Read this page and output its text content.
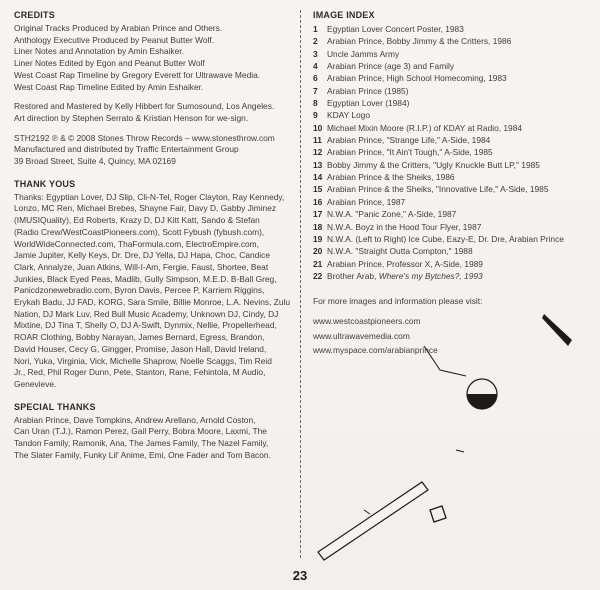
CREDITS

Original Tracks Produced by Arabian Prince and Others.
Anthology Executive Produced by Peanut Butter Wolf.
Liner Notes and Annotation by Amin Eshaiker.
Liner Notes Edited by Egon and Peanut Butter Wolf
West Coast Rap Timeline by Gregory Everett for Ultrawave Media.
West Coast Rap Timeline Edited by Amin Eshaiker.

Restored and Mastered by Kelly Hibbert for Sumosound, Los Angeles.
Art direction by Stephen Serrato & Kristian Henson for we-sign.

STH2192 ℗ & © 2008 Stones Throw Records – www.stonesthrow.com
Manufactured and distributed by Traffic Entertainment Group
39 Broad Street, Suite 4, Quincy, MA 02169

THANK YOUS

Thanks: Egyptian Lover, DJ Slip, Cli-N-Tel, Roger Clayton, Ray Kennedy,
Lonzo, MC Ren, Michael Brebes, Shayne Fair, Davy D, Gabby Jiminez
(IMUSIQuality), Ed Roberts, Krazy D, DJ Kitt Katt, Sando & Stefan
(Radio Crew/WestCoastPioneers.com), Scott Fybush (fybush.com),
WorldWideConnected.com, ThaFormula.com, ElectroEmpire.com,
Jamie Jupiter, Kelly Keys, Dr. Dre, DJ Yella, DJ Hapa, Choc, Candice
Clark, Annalyze, Juan Atkins, Will-I-Am, Fergie, Faust, Shortee, Beat
Junkies, Black Eyed Peas, Madlib, Gully Simpson, M.E.D. B-Ball Greg,
Panicdzonewebradio.com, Byron Davis, Percee P, Karriem Riggins,
Erykah Badu, JJ FAD, KORG, Sara Smile, Billie Monroe, L.A. Nevins, Zulu
Nation, DJ Mark Luv, Red Bull Music Academy, Unknown DJ, Cindy, DJ
Mixtine, DJ Tina T, Shelly O, DJ A-Swift, Dynmix, Nellie, Propellerhead,
ROAR Clothing, Bobby Narayan, James Bernard, Egress, Brandon,
David Houser, Cecy G, Gingger, Promise, Jason Hall, David Ireland,
Nori, Yuka, Virginia, Vick, Michelle Shaprow, Noelle Scaggs, Tim Reid
Jr., Red, Phil Roger Dunn, Pete, Stanton, Rane, Fehintola, M Audio,
Genevieve.

SPECIAL THANKS

Arabian Prince, Dave Tompkins, Andrew Arellano, Arnold Coston,
Can Uran (T.J.), Ramon Perez, Gail Perry, Bobra Moore, Laxmi, The
Tandon Family, Ramonik, Ana, The James Family, The Nazel Family,
The Slater Family, Funky Lil' Anime, Emi, One Fader and Tom Bacon.

IMAGE INDEX
1	Egyptian Lover Concert Poster, 1983
2	Arabian Prince, Bobby Jimmy & the Critters, 1986
3	Uncle Jamms Army
4	Arabian Prince (age 3) and Family
6	Arabian Prince, High School Homecoming, 1983
7	Arabian Prince (1985)
8	Egyptian Lover (1984)
9	KDAY Logo
10 Michael Mixin Moore (R.I.P.) of KDAY at Radio, 1984
11 Arabian Prince, "Strange Life," A-Side, 1984
12 Arabian Prince, "It Ain't Tough," A-Side, 1985
13 Bobby Jimmy & the Critters, "Ugly Knuckle Butt LP," 1985
14 Arabian Prince & the Sheiks, 1986
15 Arabian Prince & the Sheiks, "Innovative Life," A-Side, 1985
16 Arabian Prince, 1987
17 N.W.A. "Panic Zone," A-Side, 1987
18 N.W.A. Boyz in the Hood Tour Flyer, 1987
19 N.W.A. (Left to Right) Ice Cube, Eazy-E, Dr. Dre, Arabian Prince
20 N.W.A. "Straight Outta Compton," 1988
21 Arabian Prince, Professor X, A-Side, 1989
22 Brother Arab, Where's my Bytches?, 1993
For more images and information please visit:
www.westcoastpioneers.com
www.ultrawavemedia.com
www.myspace.com/arabianprince
23
